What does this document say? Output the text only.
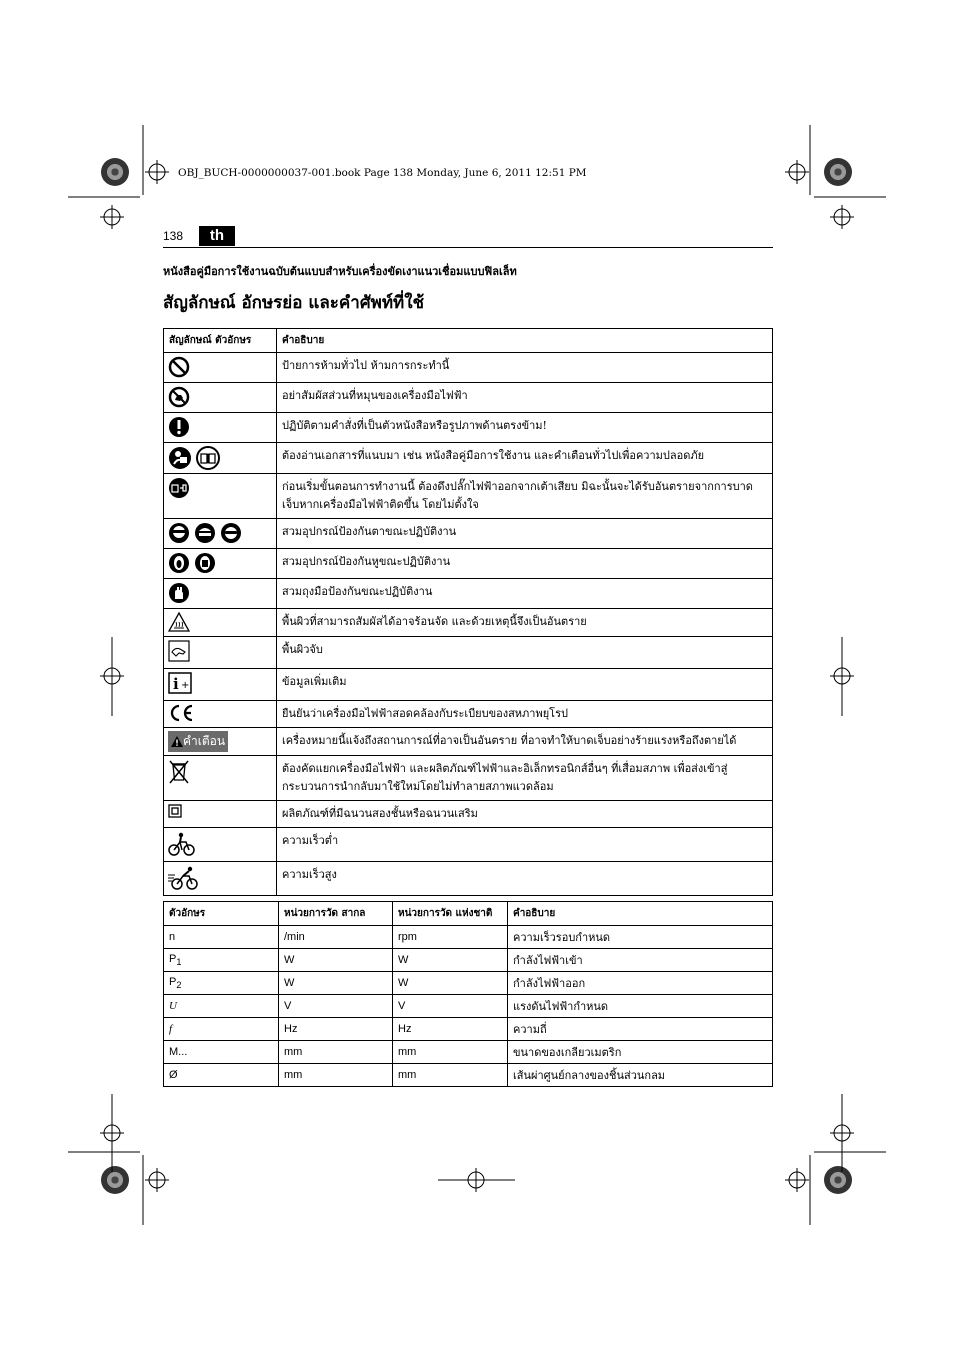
OBJ_BUCH-0000000037-001.book Page 138 Monday, June 6, 2011 12:51 PM
138	th
หนังสือคู่มือการใช้งานฉบับต้นแบบสำหรับเครื่องขัดเงาแนวเชื่อมแบบฟิลเล็ท
สัญลักษณ์ อักษรย่อ และคำศัพท์ที่ใช้
สัญลักษณ์ ตัวอักษร	คำอธิบาย

	ป้ายการห้ามทั่วไป ห้ามการกระทำนี้

	อย่าสัมผัสส่วนที่หมุนของเครื่องมือไฟฟ้า

	ปฏิบัติตามคำสั่งที่เป็นตัวหนังสือหรือรูปภาพด้านตรงข้าม!

	ต้องอ่านเอกสารที่แนบมา เช่น หนังสือคู่มือการใช้งาน และคำเตือนทั่วไปเพื่อความปลอดภัย

	ก่อนเริ่มขั้นตอนการทำงานนี้ ต้องดึงปลั๊กไฟฟ้าออกจากเต้าเสียบ มิฉะนั้นจะได้รับอันตรายจากการบาดเจ็บหากเครื่องมือไฟฟ้าติดขึ้น โดยไม่ตั้งใจ

	สวมอุปกรณ์ป้องกันตาขณะปฏิบัติงาน

	สวมอุปกรณ์ป้องกันหูขณะปฏิบัติงาน

	สวมถุงมือป้องกันขณะปฏิบัติงาน

	พื้นผิวที่สามารถสัมผัสได้อาจร้อนจัด และด้วยเหตุนี้จึงเป็นอันตราย

	พื้นผิวจับ

i +	ข้อมูลเพิ่มเติม

	ยืนยันว่าเครื่องมือไฟฟ้าสอดคล้องกับระเบียบของสหภาพยุโรป

คำเตือน	เครื่องหมายนี้แจ้งถึงสถานการณ์ที่อาจเป็นอันตราย ที่อาจทำให้บาดเจ็บอย่างร้ายแรงหรือถึงตายได้

	ต้องคัดแยกเครื่องมือไฟฟ้า และผลิตภัณฑ์ไฟฟ้าและอิเล็กทรอนิกส์อื่นๆ ที่เสื่อมสภาพ เพื่อส่งเข้าสู่กระบวนการนำกลับมาใช้ใหม่โดยไม่ทำลายสภาพแวดล้อม

	ผลิตภัณฑ์ที่มีฉนวนสองชั้นหรือฉนวนเสริม

	ความเร็วต่ำ

	ความเร็วสูง
ตัวอักษร	หน่วยการวัด สากล	หน่วยการวัด แห่งชาติ	คำอธิบาย
n	/min	rpm	ความเร็วรอบกำหนด
$P_1$	W	W	กำลังไฟฟ้าเข้า
$P_2$	W	W	กำลังไฟฟ้าออก
U	V	V	แรงดันไฟฟ้ากำหนด
f	Hz	Hz	ความถี่
M...	mm	mm	ขนาดของเกลียวเมตริก
Ø	mm	mm	เส้นผ่าศูนย์กลางของชิ้นส่วนกลม
